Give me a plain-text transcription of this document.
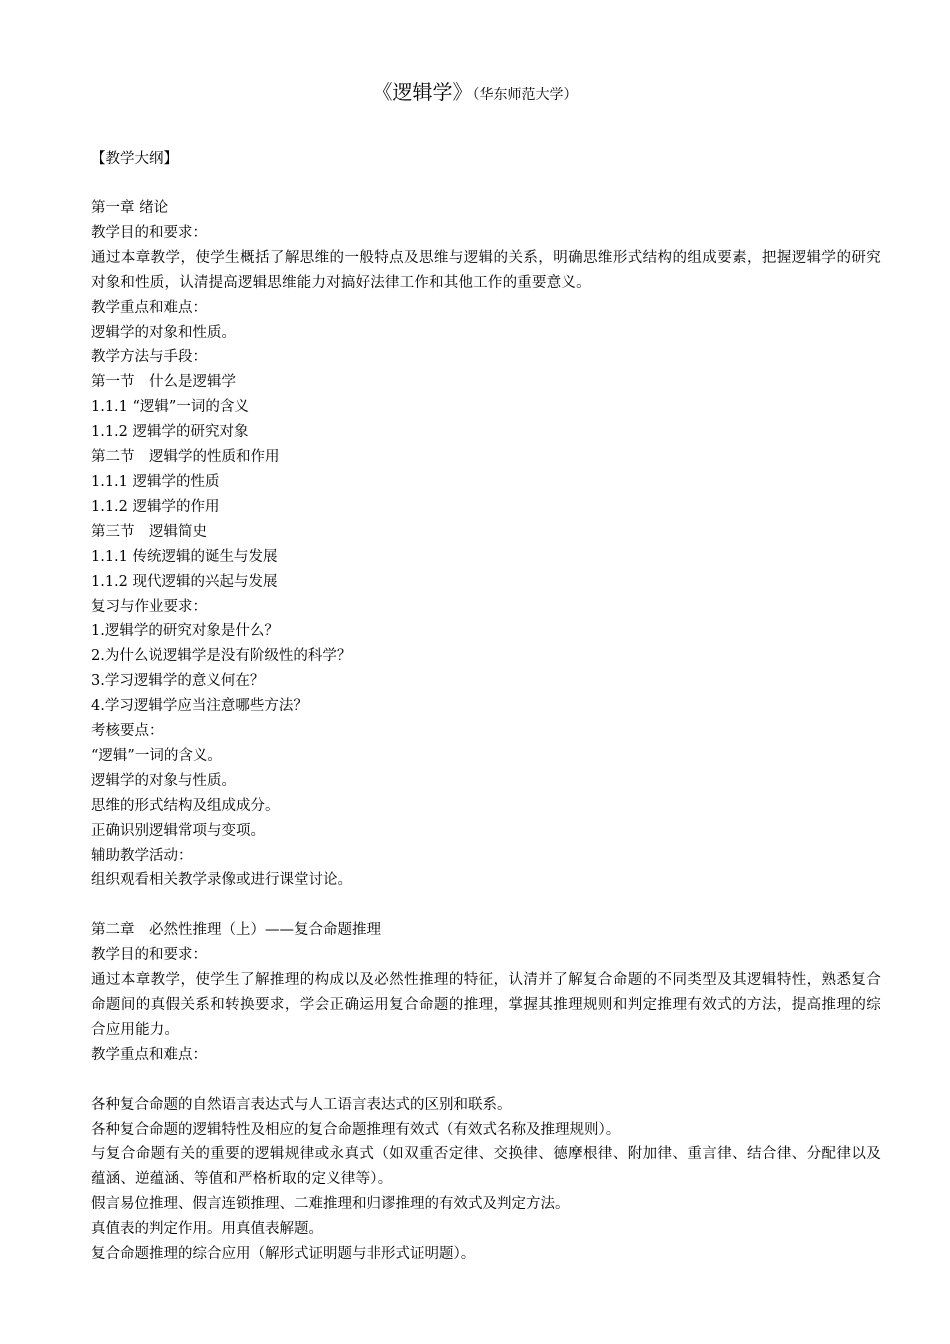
《逻辑学》（华东师范大学）
【教学大纲】
第一章 绪论
教学目的和要求：
通过本章教学，使学生概括了解思维的一般特点及思维与逻辑的关系，明确思维形式结构的组成要素，把握逻辑学的研究对象和性质，认清提高逻辑思维能力对搞好法律工作和其他工作的重要意义。
教学重点和难点：
逻辑学的对象和性质。
教学方法与手段：
第一节　什么是逻辑学
1.1.1 “逻辑”一词的含义
1.1.2 逻辑学的研究对象
第二节　逻辑学的性质和作用
1.1.1 逻辑学的性质
1.1.2 逻辑学的作用
第三节　逻辑简史
1.1.1 传统逻辑的诞生与发展
1.1.2 现代逻辑的兴起与发展
复习与作业要求：
1.逻辑学的研究对象是什么？
2.为什么说逻辑学是没有阶级性的科学？
3.学习逻辑学的意义何在？
4.学习逻辑学应当注意哪些方法？
考核要点：
“逻辑”一词的含义。
逻辑学的对象与性质。
思维的形式结构及组成成分。
正确识别逻辑常项与变项。
辅助教学活动：
组织观看相关教学录像或进行课堂讨论。
第二章　必然性推理（上）——复合命题推理
教学目的和要求：
通过本章教学，使学生了解推理的构成以及必然性推理的特征，认清并了解复合命题的不同类型及其逻辑特性，熟悉复合命题间的真假关系和转换要求，学会正确运用复合命题的推理，掌握其推理规则和判定推理有效式的方法，提高推理的综合应用能力。
教学重点和难点：
各种复合命题的自然语言表达式与人工语言表达式的区别和联系。
各种复合命题的逻辑特性及相应的复合命题推理有效式（有效式名称及推理规则）。
与复合命题有关的重要的逻辑规律或永真式（如双重否定律、交换律、德摩根律、附加律、重言律、结合律、分配律以及蕴涵、逆蕴涵、等值和严格析取的定义律等）。
假言易位推理、假言连锁推理、二难推理和归谬推理的有效式及判定方法。
真值表的判定作用。用真值表解题。
复合命题推理的综合应用（解形式证明题与非形式证明题）。
